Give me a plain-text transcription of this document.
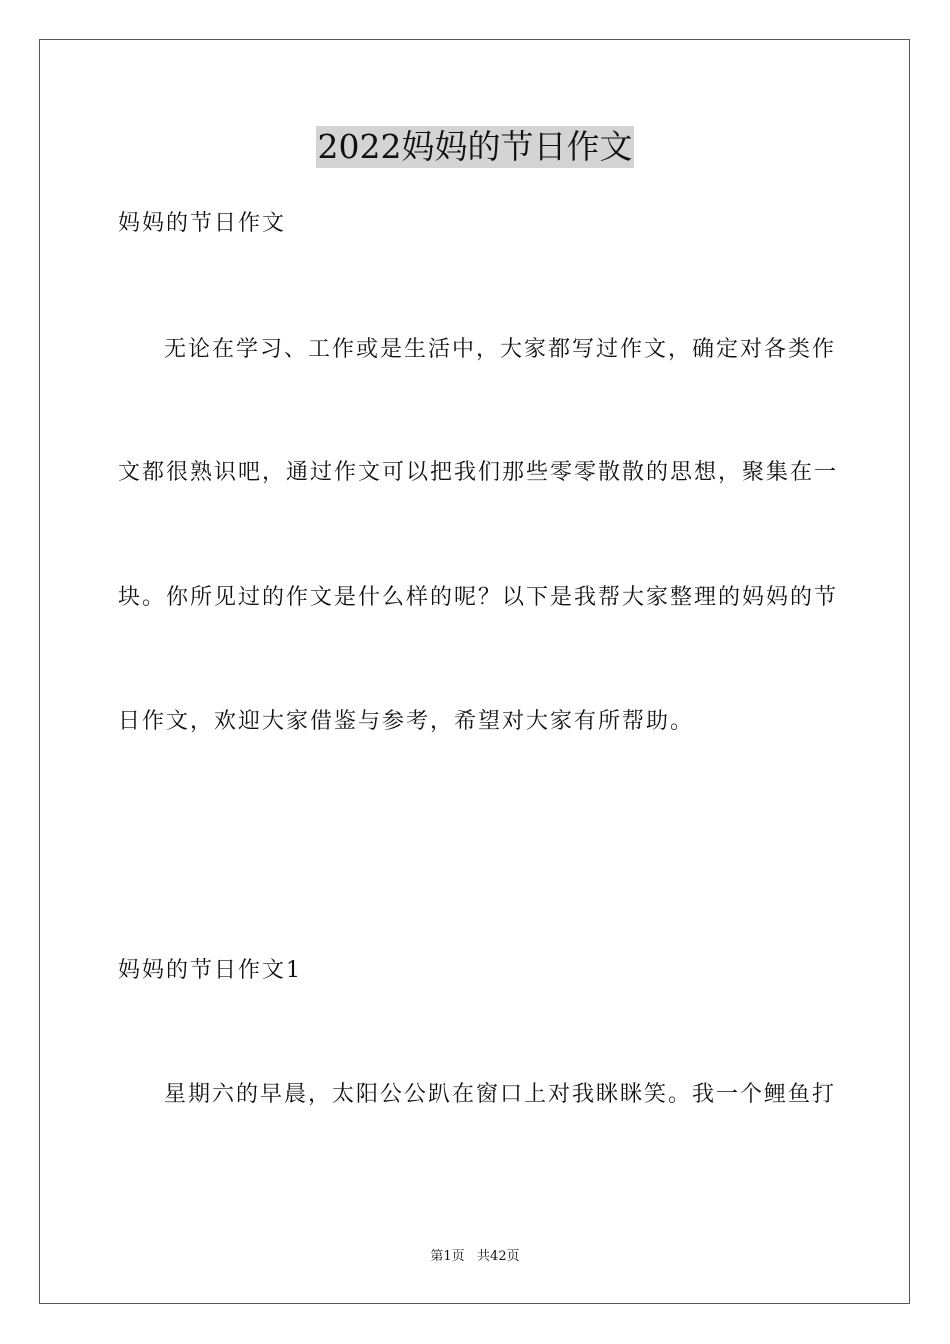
2022妈妈的节日作文
妈妈的节日作文
无论在学习、工作或是生活中，大家都写过作文，确定对各类作
文都很熟识吧，通过作文可以把我们那些零零散散的思想，聚集在一
块。你所见过的作文是什么样的呢？以下是我帮大家整理的妈妈的节
日作文，欢迎大家借鉴与参考，希望对大家有所帮助。
妈妈的节日作文1
星期六的早晨，太阳公公趴在窗口上对我眯眯笑。我一个鲤鱼打
第1页   共42页
